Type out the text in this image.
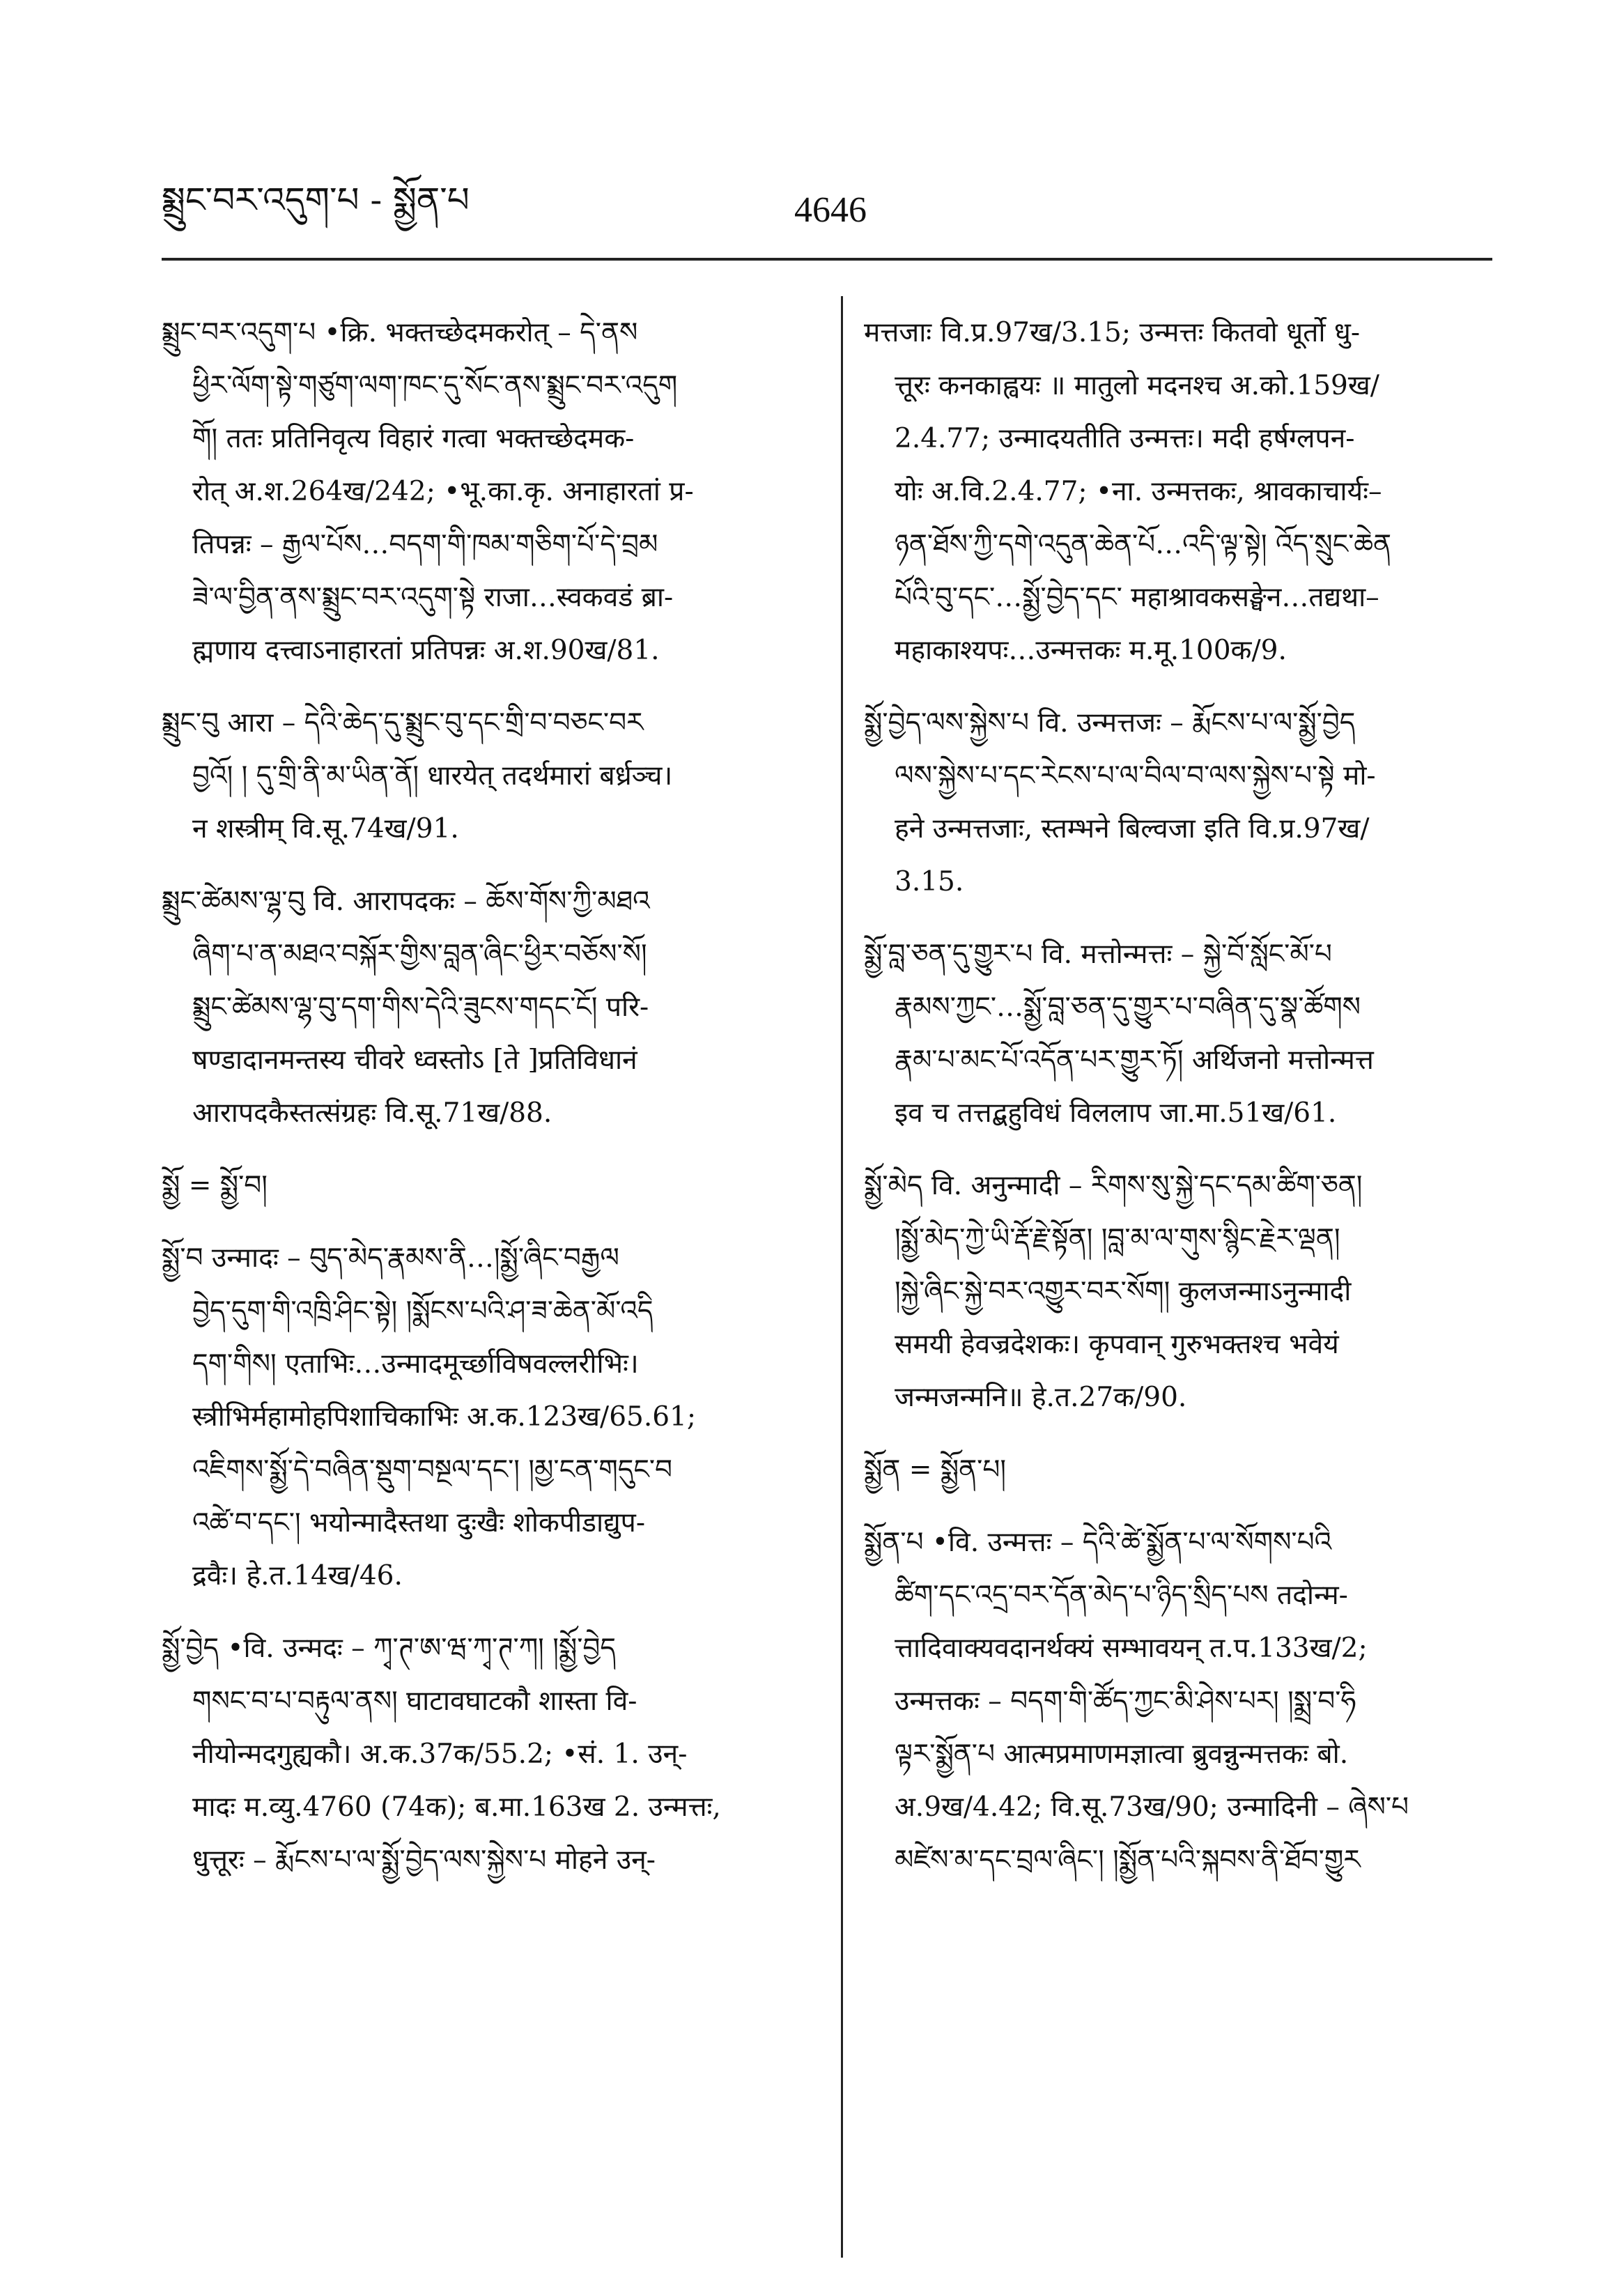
སྨྲུང་བར་འདུག་པ - སྨྱོན་པ	4646
སྨྲུང་བར་འདུག་པ •क्रि. भक्तच्छेदमकरोत् – དེ་ནས
ཕྱིར་ལོག་སྟེ་གཙུག་ལག་ཁང་དུ་སོང་ནས་སྨྲུང་བར་འདུག
གོ། ततः प्रतिनिवृत्य विहारं गत्वा भक्तच्छेदमक-
रोत् अ.श.264ख/242; •भू.का.कृ. अनाहारतां प्र-
तिपन्नः – རྒྱལ་པོས…བདག་གི་ཁམ་གཅིག་པོ་དེ་བྲམ
ཟེ་ལ་བྱིན་ནས་སྨྲུང་བར་འདུག་སྟེ राजा…स्वकवडं ब्रा-
ह्मणाय दत्त्वाऽनाहारतां प्रतिपन्नः अ.श.90ख/81.
སྨྲུང་བུ आरा – དེའི་ཆེད་དུ་སྨྲུང་བུ་དང་གྲི་བ་བཅང་བར
བྱའོ། ། དུ་གྲི་ནི་མ་ཡིན་ནོ། धारयेत् तदर्थमारां बर्ध्रञ्च।
न शस्त्रीम् वि.सू.74ख/91.
སྨྲུང་ཚེམས་ལྷ་བུ वि. आरापदकः – ཆོས་གོས་ཀྱི་མཐའ
ཞིག་པ་ན་མཐའ་བསྐོར་གྱིས་བླན་ཞིང་ཕྱིར་བཅོས་སོ།
སྨྲུང་ཚེམས་ལྷ་བུ་དག་གིས་དེའི་ཟུངས་གདང་ངོ། परि-
षण्डादानमन्तस्य चीवरे ध्वस्तोऽ [ते ]प्रतिविधानं
आरापदकैस्तत्संग्रहः वि.सू.71ख/88.
སྨྱོ = སྨྱོ་བ།
སྨྱོ་བ उन्मादः – བུད་མེད་རྣམས་ནི…།སྨྱོ་ཞིང་བརྒྱལ
བྱེད་དུག་གི་འཁྲི་ཤིང་སྟེ། །སྨོངས་པའི་ཤ་ཟ་ཆེན་མོ་འདི
དག་གིས། एताभिः…उन्मादमूर्च्छाविषवल्लरीभिः।
स्त्रीभिर्महामोहपिशाचिकाभिः अ.क.123ख/65.61;
འཇིགས་སྨྱོ་དེ་བཞིན་སྡུག་བསྔལ་དང་། །མྱ་ངན་གདུང་བ
འཚེ་བ་དང་། भयोन्मादैस्तथा दुःखैः शोकपीडाद्युप-
द्रवैः। हे.त.14ख/46.
སྨྱོ་བྱེད •वि. उन्मदः – ཀྭ་ཊ་ཨ་ཝ་ཀྭ་ཊ་ཀ། །སྨྱོ་བྱེད
གསང་བ་པ་བརྟུལ་ནས། घाटावघाटकौ शास्ता वि-
नीयोन्मदगुह्यकौ। अ.क.37क/55.2; •सं. 1. उन्-
मादः म.व्यु.4760 (74क); ब.मा.163ख 2. उन्मत्तः,
धुत्तूरः – རྨོངས་པ་ལ་སྨྱོ་བྱེད་ལས་སྐྱེས་པ मोहने उन्-
मत्तजाः वि.प्र.97ख/3.15; उन्मत्तः कितवो धूर्तो धु-
त्तूरः कनकाह्वयः ॥ मातुलो मदनश्च अ.को.159ख/
2.4.77; उन्मादयतीति उन्मत्तः। मदी हर्षग्लपन-
योः अ.वि.2.4.77; •ना. उन्मत्तकः, श्रावकाचार्यः–
ཉན་ཐོས་ཀྱི་དགེ་འདུན་ཆེན་པོ…འདི་ལྟ་སྟེ། འོད་སྲུང་ཆེན
པོའི་བུ་དང་…སྨྱོ་བྱེད་དང་ महाश्रावकसङ्घेन…तद्यथा–
महाकाश्यपः…उन्मत्तकः म.मू.100क/9.
སྨྱོ་བྱེད་ལས་སྐྱེས་པ वि. उन्मत्तजः – རྨོངས་པ་ལ་སྨྱོ་བྱེད
ལས་སྐྱེས་པ་དང་རེངས་པ་ལ་བིལ་བ་ལས་སྐྱེས་པ་སྟེ मो-
हने उन्मत्तजाः, स्तम्भने बिल्वजा इति वि.प्र.97ख/
3.15.
སྨྱོ་བླ་ཅན་དུ་གྱུར་པ वि. मत्तोन्मत्तः – སྐྱེ་བོ་སློང་མོ་པ
རྣམས་ཀྱང་…སྨྱོ་བླ་ཅན་དུ་གྱུར་པ་བཞིན་དུ་སྣ་ཚོགས
རྣམ་པ་མང་པོ་འདོན་པར་གྱུར་ཏོ། अर्थिजनो मत्तोन्मत्त
इव च तत्तद्बहुविधं विललाप जा.मा.51ख/61.
སྨྱོ་མེད वि. अनुन्मादी – རིགས་སུ་སྐྱེ་དང་དམ་ཚིག་ཅན།
།སྨྱོ་མེད་ཀྱེ་ཡི་རྡོ་རྗེ་སྟོན། །བླ་མ་ལ་གུས་སྙིང་རྗེར་ལྡན།
།སྐྱེ་ཞིང་སྐྱེ་བར་འགྱུར་བར་སོག། कुलजन्माऽनुन्मादी
समयी हेवज्रदेशकः। कृपवान् गुरुभक्तश्च भवेयं
जन्मजन्मनि॥ हे.त.27क/90.
སྨྱོན = སྨྱོན་པ།
སྨྱོན་པ •वि. उन्मत्तः – དེའི་ཚེ་སྨྱོན་པ་ལ་སོགས་པའི
ཚིག་དང་འདྲ་བར་དོན་མེད་པ་ཉིད་སྲིད་པས तदोन्म-
त्तादिवाक्यवदानर्थक्यं सम्भावयन् त.प.133ख/2;
उन्मत्तकः – བདག་གི་ཚོད་ཀྱང་མི་ཤེས་པར། །སྨྲ་བ་ཧི
ལྟར་སྨྱོན་པ आत्मप्रमाणमज्ञात्वा ब्रुवन्नुन्मत्तकः बो.
अ.9ख/4.42; वि.सू.73ख/90; उन्मादिनी – ཞེས་པ
མཛེས་མ་དང་བྲལ་ཞིང་། །སྨྱོན་པའི་སྐབས་ནི་ཐོབ་གྱུར
